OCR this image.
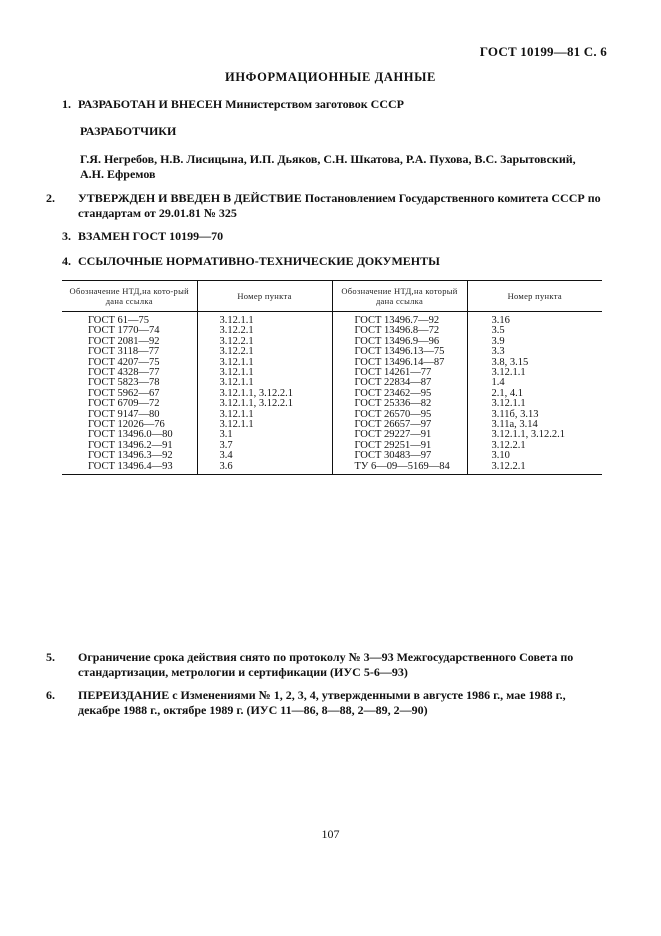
ГОСТ 10199—81 С. 6
ИНФОРМАЦИОННЫЕ ДАННЫЕ
1. РАЗРАБОТАН И ВНЕСЕН Министерством заготовок СССР
РАЗРАБОТЧИКИ
Г.Я. Негребов, Н.В. Лисицына, И.П. Дьяков, С.Н. Шкатова, Р.А. Пухова, В.С. Зарытовский, А.Н. Ефремов
2. УТВЕРЖДЕН И ВВЕДЕН В ДЕЙСТВИЕ Постановлением Государственного комитета СССР по стандартам от 29.01.81 № 325
3. ВЗАМЕН ГОСТ 10199—70
4. ССЫЛОЧНЫЕ НОРМАТИВНО-ТЕХНИЧЕСКИЕ ДОКУМЕНТЫ
Обозначение НТД,на кото-рый дана ссылка	Номер пункта	Обозначение НТД,на который дана ссылка	Номер пункта
ГОСТ 61—75	3.12.1.1	ГОСТ 13496.7—92	3.16
ГОСТ 1770—74	3.12.2.1	ГОСТ 13496.8—72	3.5
ГОСТ 2081—92	3.12.2.1	ГОСТ 13496.9—96	3.9
ГОСТ 3118—77	3.12.2.1	ГОСТ 13496.13—75	3.3
ГОСТ 4207—75	3.12.1.1	ГОСТ 13496.14—87	3.8, 3.15
ГОСТ 4328—77	3.12.1.1	ГОСТ 14261—77	3.12.1.1
ГОСТ 5823—78	3.12.1.1	ГОСТ 22834—87	1.4
ГОСТ 5962—67	3.12.1.1, 3.12.2.1	ГОСТ 23462—95	2.1, 4.1
ГОСТ 6709—72	3.12.1.1, 3.12.2.1	ГОСТ 25336—82	3.12.1.1
ГОСТ 9147—80	3.12.1.1	ГОСТ 26570—95	3.11б, 3.13
ГОСТ 12026—76	3.12.1.1	ГОСТ 26657—97	3.11а, 3.14
ГОСТ 13496.0—80	3.1	ГОСТ 29227—91	3.12.1.1, 3.12.2.1
ГОСТ 13496.2—91	3.7	ГОСТ 29251—91	3.12.2.1
ГОСТ 13496.3—92	3.4	ГОСТ 30483—97	3.10
ГОСТ 13496.4—93	3.6	ТУ 6—09—5169—84	3.12.2.1
5. Ограничение срока действия снято по протоколу № 3—93 Межгосударственного Совета по стандартизации, метрологии и сертификации (ИУС 5-6—93)
6. ПЕРЕИЗДАНИЕ с Изменениями № 1, 2, 3, 4, утвержденными в августе 1986 г., мае 1988 г., декабре 1988 г., октябре 1989 г. (ИУС 11—86, 8—88, 2—89, 2—90)
107
